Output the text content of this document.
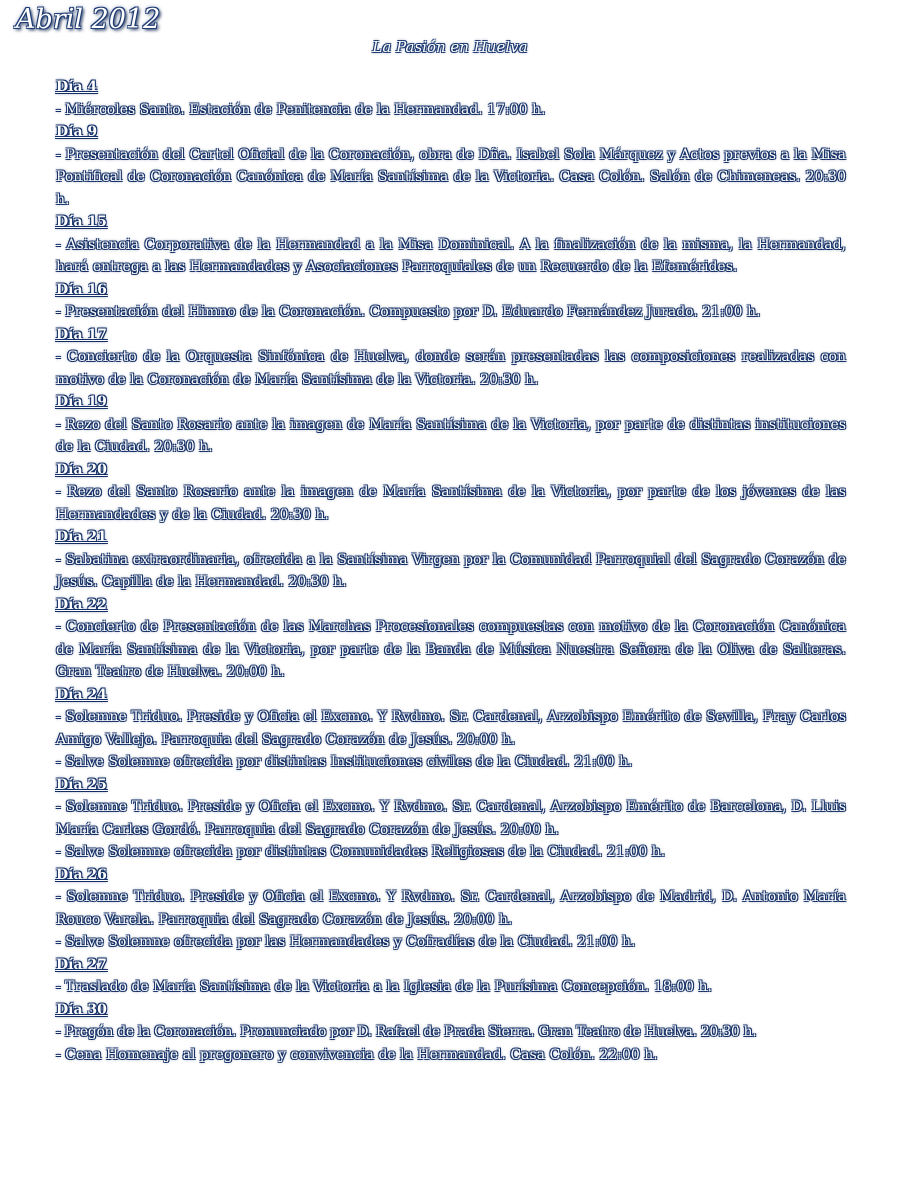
Abril 2012
La Pasión en Huelva
Día 4
- Miércoles Santo. Estación de Penitencia de la Hermandad. 17:00 h.
Día 9
- Presentación del Cartel Oficial de la Coronación, obra de Dña. Isabel Sola Márquez y Actos previos a la Misa Pontifical de Coronación Canónica de María Santísima de la Victoria. Casa Colón. Salón de Chimeneas. 20:30 h.
Día 15
- Asistencia Corporativa de la Hermandad a la Misa Dominical. A la finalización de la misma, la Hermandad, hará entrega a las Hermandades y Asociaciones Parroquiales de un Recuerdo de la Efemérides.
Día 16
- Presentación del Himno de la Coronación. Compuesto por D. Eduardo Fernández Jurado. 21:00 h.
Día 17
- Concierto de la Orquesta Sinfónica de Huelva, donde serán presentadas las composiciones realizadas con motivo de la Coronación de María Santísima de la Victoria. 20:30 h.
Día 19
- Rezo del Santo Rosario ante la imagen de María Santísima de la Victoria, por parte de distintas instituciones de la Ciudad. 20:30 h.
Día 20
- Rezo del Santo Rosario ante la imagen de María Santísima de la Victoria, por parte de los jóvenes de las Hermandades y de la Ciudad. 20:30 h.
Día 21
- Sabatina extraordinaria, ofrecida a la Santísima Virgen por la Comunidad Parroquial del Sagrado Corazón de Jesús. Capilla de la Hermandad. 20:30 h.
Día 22
- Concierto de Presentación de las Marchas Procesionales compuestas con motivo de la Coronación Canónica de María Santísima de la Victoria, por parte de la Banda de Música Nuestra Señora de la Oliva de Salteras. Gran Teatro de Huelva. 20:00 h.
Día 24
- Solemne Triduo. Preside y Oficia el Excmo. Y Rvdmo. Sr. Cardenal, Arzobispo Emérito de Sevilla, Fray Carlos Amigo Vallejo. Parroquia del Sagrado Corazón de Jesús. 20:00 h.
- Salve Solemne ofrecida por distintas Instituciones civiles de la Ciudad. 21:00 h.
Día 25
- Solemne Triduo. Preside y Oficia el Excmo. Y Rvdmo. Sr. Cardenal, Arzobispo Emérito de Barcelona, D. Lluis María Carles Gordó. Parroquia del Sagrado Corazón de Jesús. 20:00 h.
- Salve Solemne ofrecida por distintas Comunidades Religiosas de la Ciudad. 21:00 h.
Día 26
- Solemne Triduo. Preside y Oficia el Excmo. Y Rvdmo. Sr. Cardenal, Arzobispo de Madrid, D. Antonio María Rouco Varela. Parroquia del Sagrado Corazón de Jesús. 20:00 h.
- Salve Solemne ofrecida por las Hermandades y Cofradías de la Ciudad. 21:00 h.
Día 27
- Traslado de María Santísima de la Victoria a la Iglesia de la Purísima Concepción. 18:00 h.
Día 30
- Pregón de la Coronación. Pronunciado por D. Rafael de Prada Sierra. Gran Teatro de Huelva. 20:30 h.
- Cena Homenaje al pregonero y convivencia de la Hermandad. Casa Colón. 22:00 h.
